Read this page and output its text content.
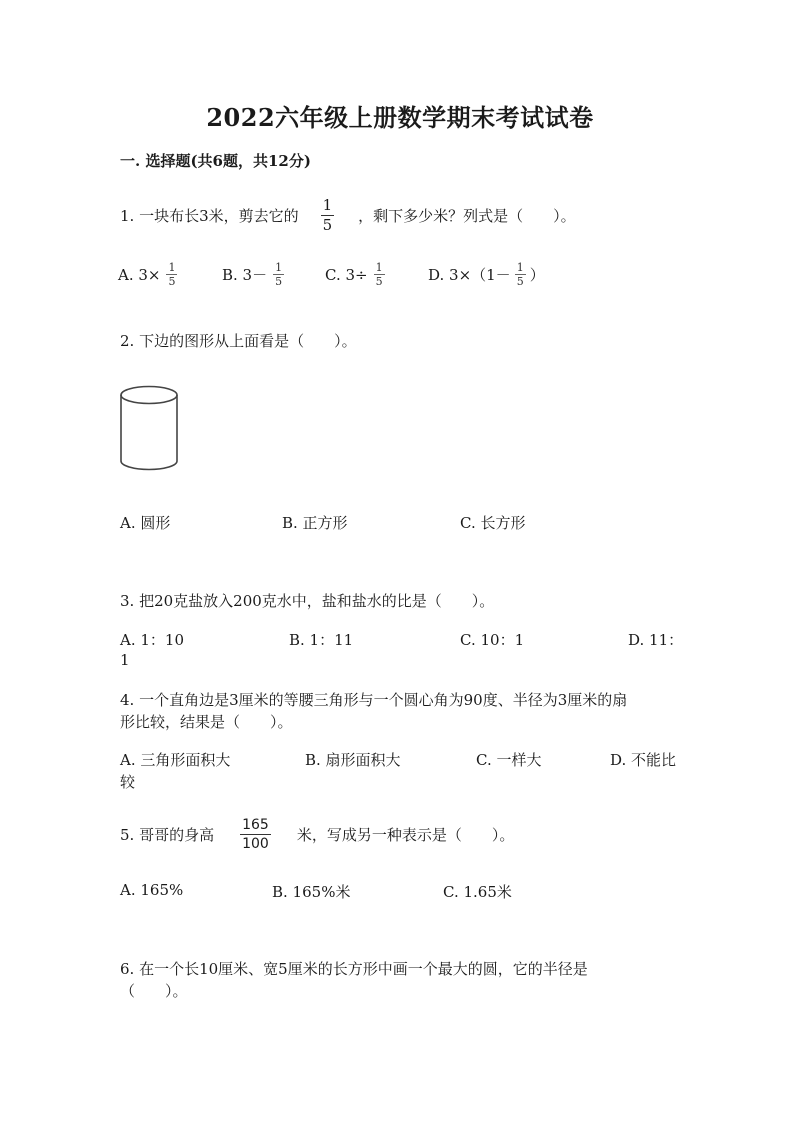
2022六年级上册数学期末考试试卷
一. 选择题(共6题，共12分)
1. 一块布长3米，剪去它的 $\frac{1}{5}$ ，剩下多少米？列式是（　　）。
A. $3\times \frac{1}{5}$	B. $3- \frac{1}{5}$	C. $3\div \frac{1}{5}$	D. $3\times(1- \frac{1}{5}$ ）
2. 下边的图形从上面看是（　　）。
A. 圆形	B. 正方形	C. 长方形
3. 把20克盐放入200克水中，盐和盐水的比是（　　）。
A. 1：10	B. 1：11	C. 10：1	D. 11：
1
4. 一个直角边是3厘米的等腰三角形与一个圆心角为90度、半径为3厘米的扇
形比较，结果是（　　）。
A. 三角形面积大	B. 扇形面积大	C. 一样大	D. 不能比
较
5. 哥哥的身高 $\frac{165}{100}$ 米，写成另一种表示是（　　）。
A. 165%	B. 165%米	C. 1.65米
6. 在一个长10厘米、宽5厘米的长方形中画一个最大的圆，它的半径是
（　　）。
